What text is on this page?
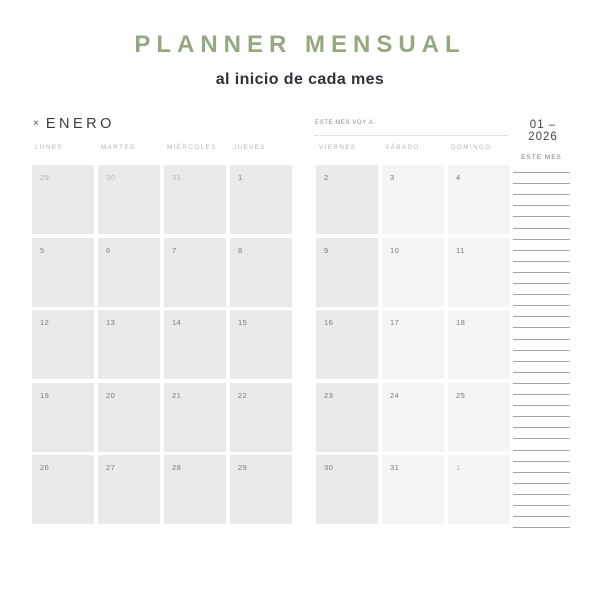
PLANNER MENSUAL
al inicio de cada mes
× ENERO	ESTE MES VOY A	01 – 2026
LUNES	MARTES	MIÉRCOLES	JUEVES	VIERNES	SÁBADO	DOMINGO
29	30	31	1	2	3	4
5	6	7	8	9	10	11
12	13	14	15	16	17	18
19	20	21	22	23	24	25
26	27	28	29	30	31	1
ESTE MES
